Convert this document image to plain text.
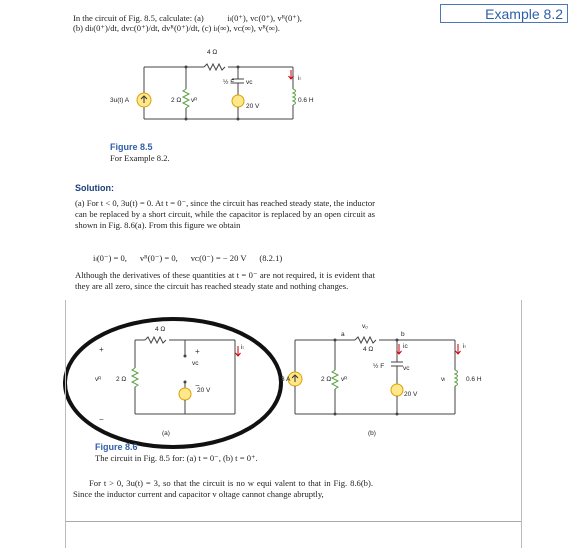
In the circuit of Fig. 8.5, calculate: (a)	iₗ(0⁺), vᴄ(0⁺), vᴿ(0⁺),

(b) diₗ(0⁺)/dt, dvᴄ(0⁺)/dt, dvᴿ(0⁺)/dt, (c) iₗ(∞), vᴄ(∞), vᴿ(∞).

Example 8.2
3u(t) A	2 Ω vᴿ
4 Ω
½ F vᴄ
20 V
0.6 H
iₗ
Figure 8.5

For Example 8.2.

Solution:

(a) For t < 0, 3u(t) = 0. At t = 0⁻, since the circuit has reached steady state, the inductor can be replaced by a short circuit, while the capacitor is replaced by an open circuit as shown in Fig. 8.6(a). From this figure we obtain

iₗ(0⁻) = 0,      vᴿ(0⁻) = 0,      vᴄ(0⁻) = − 20 V      (8.2.1)

Although the derivatives of these quantities at t = 0⁻ are not required, it is evident that they are all zero, since the circuit has reached steady state and nothing changes.

+
−
+
−
4 Ω
vᴿ 2 Ω
vᴄ
20 V
iₗ
(a)
a
vₒ
b
4 Ω
3 A	2 Ω vᴿ
½ F	vᴄ
iᴄ
20 V
iₗ
vₗ	0.6 H
(b)
Figure 8.6

The circuit in Fig. 8.5 for: (a) t = 0⁻, (b) t = 0⁺.

For t > 0, 3u(t) = 3, so that the circuit is no w equi valent to that in Fig. 8.6(b). Since the inductor current and capacitor v oltage cannot change abruptly,
